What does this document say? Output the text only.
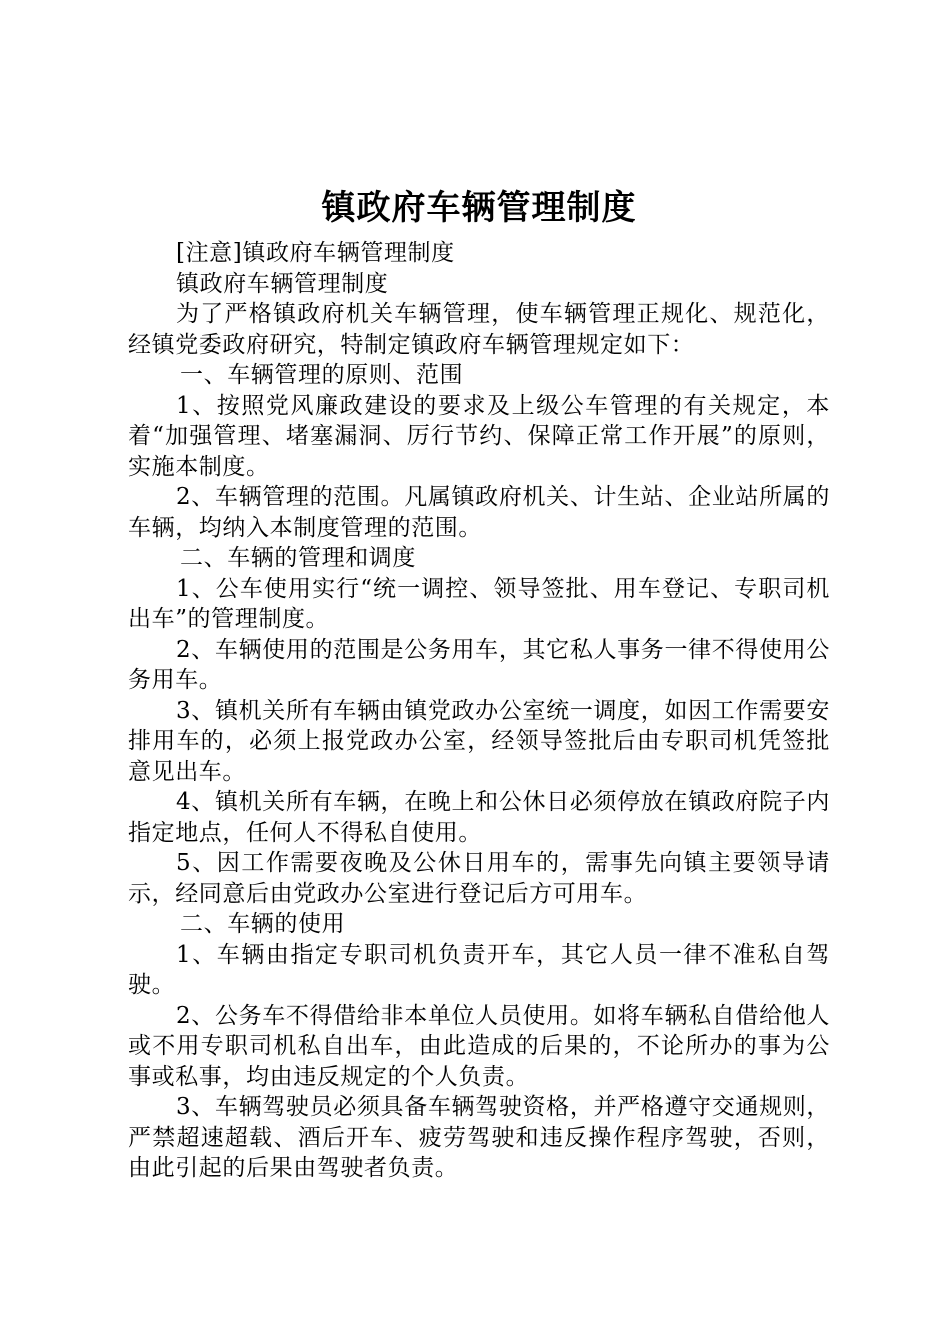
镇政府车辆管理制度

[注意]镇政府车辆管理制度

镇政府车辆管理制度

为了严格镇政府机关车辆管理，使车辆管理正规化、规范化，经镇党委政府研究，特制定镇政府车辆管理规定如下：

一、车辆管理的原则、范围

1、按照党风廉政建设的要求及上级公车管理的有关规定，本着“加强管理、堵塞漏洞、厉行节约、保障正常工作开展”的原则，实施本制度。

2、车辆管理的范围。凡属镇政府机关、计生站、企业站所属的车辆，均纳入本制度管理的范围。

二、车辆的管理和调度

1、公车使用实行“统一调控、领导签批、用车登记、专职司机出车”的管理制度。

2、车辆使用的范围是公务用车，其它私人事务一律不得使用公务用车。

3、镇机关所有车辆由镇党政办公室统一调度，如因工作需要安排用车的，必须上报党政办公室，经领导签批后由专职司机凭签批意见出车。

4、镇机关所有车辆，在晚上和公休日必须停放在镇政府院子内指定地点，任何人不得私自使用。

5、因工作需要夜晚及公休日用车的，需事先向镇主要领导请示，经同意后由党政办公室进行登记后方可用车。

二、车辆的使用

1、车辆由指定专职司机负责开车，其它人员一律不准私自驾驶。

2、公务车不得借给非本单位人员使用。如将车辆私自借给他人或不用专职司机私自出车，由此造成的后果的，不论所办的事为公事或私事，均由违反规定的个人负责。

3、车辆驾驶员必须具备车辆驾驶资格，并严格遵守交通规则，严禁超速超载、酒后开车、疲劳驾驶和违反操作程序驾驶，否则，由此引起的后果由驾驶者负责。
